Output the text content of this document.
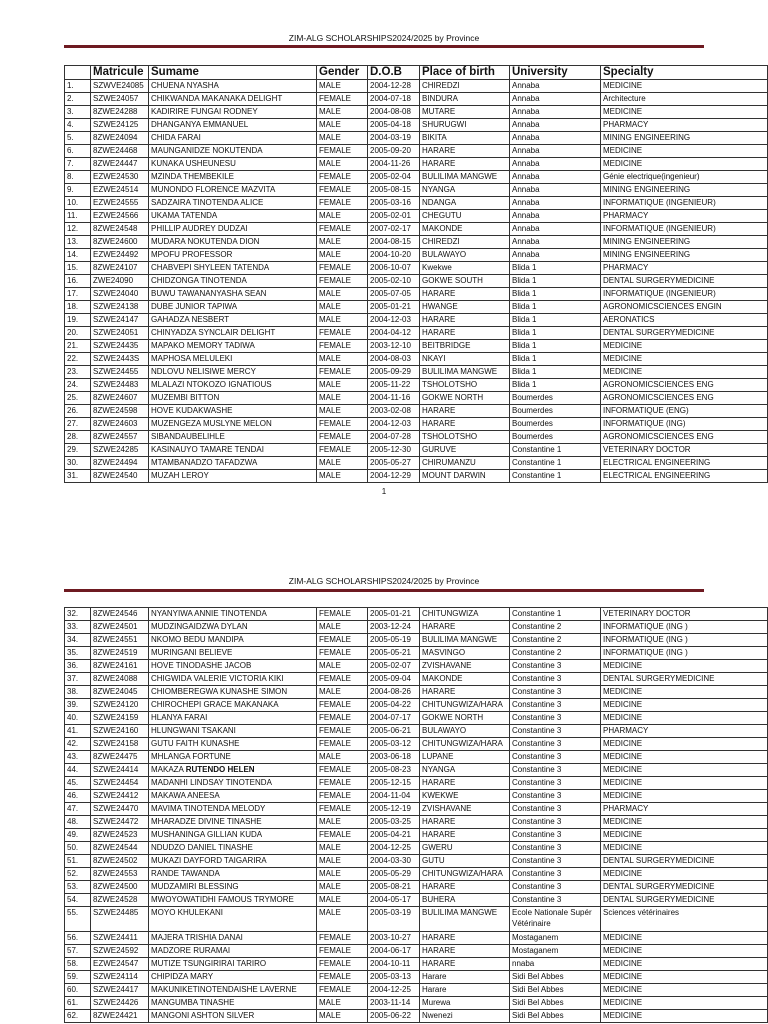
ZIM-ALG SCHOLARSHIPS2024/2025 by Province
	Matricule	Sumame	Gender	D.O.B	Place of birth	University	Specialty
1.	SZWVE24085	CHUENA NYASHA	MALE	2004-12-28	CHIREDZI	Annaba	MEDICINE
2.	SZWE24057	CHIKWANDA MAKANAKA DELIGHT	FEMALE	2004-07-18	BINDURA	Annaba	Architecture
3.	8ZWE24288	KADIRIRE FUNGAI RODNEY	MALE	2004-08-08	MUTARE	Annaba	MEDICINE
4.	SZWE24125	DHANGANYA EMMANUEL	MALE	2005-04-18	SHURUGWI	Annaba	PHARMACY
5.	8ZWE24094	CHIDA FARAI	MALE	2004-03-19	BIKITA	Annaba	MINING ENGINEERING
6.	8ZWE24468	MAUNGANIDZE NOKUTENDA	FEMALE	2005-09-20	HARARE	Annaba	MEDICINE
7.	8ZWE24447	KUNAKA USHEUNESU	MALE	2004-11-26	HARARE	Annaba	MEDICINE
8.	EZWE24530	MZINDA THEMBEKILE	FEMALE	2005-02-04	BULILIMA MANGWE	Annaba	Génie electrique(ingenieur)
9.	EZWE24514	MUNONDO FLORENCE MAZVITA	FEMALE	2005-08-15	NYANGA	Annaba	MINING ENGINEERING
10.	EZWE24555	SADZAIRA TINOTENDA ALICE	FEMALE	2005-03-16	NDANGA	Annaba	INFORMATIQUE (INGENIEUR)
11.	EZWE24566	UKAMA TATENDA	MALE	2005-02-01	CHEGUTU	Annaba	PHARMACY
12.	8ZWE24548	PHILLIP AUDREY DUDZAI	FEMALE	2007-02-17	MAKONDE	Annaba	INFORMATIQUE (INGENIEUR)
13.	8ZWE24600	MUDARA NOKUTENDA DION	MALE	2004-08-15	CHIREDZI	Annaba	MINING ENGINEERING
14.	EZWE24492	MPOFU PROFESSOR	MALE	2004-10-20	BULAWAYO	Annaba	MINING ENGINEERING
15.	8ZWE24107	CHABVEPI SHYLEEN TATENDA	FEMALE	2006-10-07	Kwekwe	Blida 1	PHARMACY
16.	ZWE24090	CHIDZONGA TINOTENDA	FEMALE	2005-02-10	GOKWE SOUTH	Blida 1	DENTAL SURGERYMEDICINE
17.	SZWE24040	BUWU TAWANANYASHA SEAN	MALE	2005-07-05	HARARE	Blida 1	INFORMATIQUE (INGENIEUR)
18.	SZWE24138	DUBE JUNIOR TAPIWA	MALE	2005-01-21	HWANGE	Blida 1	AGRONOMICSCIENCES ENGIN
19.	SZWE24147	GAHADZA NESBERT	MALE	2004-12-03	HARARE	Blida 1	AERONATICS
20.	SZWE24051	CHINYADZA SYNCLAIR DELIGHT	FEMALE	2004-04-12	HARARE	Blida 1	DENTAL SURGERYMEDICINE
21.	SZWE24435	MAPAKO MEMORY TADIWA	FEMALE	2003-12-10	BEITBRIDGE	Blida 1	MEDICINE
22.	SZWE2443S	MAPHOSA MELULEKI	MALE	2004-08-03	NKAYI	Blida 1	MEDICINE
23.	SZWE24455	NDLOVU NELISIWE MERCY	FEMALE	2005-09-29	BULILIMA MANGWE	Blida 1	MEDICINE
24.	SZWE24483	MLALAZI NTOKOZO IGNATIOUS	MALE	2005-11-22	TSHOLOTSHO	Blida 1	AGRONOMICSCIENCES ENG
25.	8ZWE24607	MUZEMBI BITTON	MALE	2004-11-16	GOKWE NORTH	Boumerdes	AGRONOMICSCIENCES ENG
26.	8ZWE24598	HOVE KUDAKWASHE	MALE	2003-02-08	HARARE	Boumerdes	INFORMATIQUE (ENG)
27.	8ZWE24603	MUZENGEZA MUSLYNE MELON	FEMALE	2004-12-03	HARARE	Boumerdes	INFORMATIQUE (ING)
28.	8ZWE24557	SIBANDAUBELIHLE	FEMALE	2004-07-28	TSHOLOTSHO	Boumerdes	AGRONOMICSCIENCES ENG
29.	SZWE24285	KASINAUYO TAMARE TENDAI	FEMALE	2005-12-30	GURUVE	Constantine 1	VETERINARY DOCTOR
30.	8ZWE24494	MTAMBANADZO TAFADZWA	MALE	2005-05-27	CHIRUMANZU	Constantine 1	ELECTRICAL ENGINEERING
31.	8ZWE24540	MUZAH LEROY	MALE	2004-12-29	MOUNT DARWIN	Constantine 1	ELECTRICAL ENGINEERING
1
ZIM-ALG SCHOLARSHIPS2024/2025 by Province
32.	8ZWE24546	NYANYIWA ANNIE TINOTENDA	FEMALE	2005-01-21	CHITUNGWIZA	Constantine 1	VETERINARY DOCTOR
33.	8ZWE24501	MUDZINGAIDZWA DYLAN	MALE	2003-12-24	HARARE	Constantine 2	INFORMATIQUE (ING )
34.	8ZWE24551	NKOMO BEDU MANDIPA	FEMALE	2005-05-19	BULILIMA MANGWE	Constantine 2	INFORMATIQUE (ING )
35.	8ZWE24519	MURINGANI BELIEVE	FEMALE	2005-05-21	MASVINGO	Constantine 2	INFORMATIQUE (ING )
36.	8ZWE24161	HOVE TINODASHE JACOB	MALE	2005-02-07	ZVISHAVANE	Constantine 3	MEDICINE
37.	8ZWE24088	CHIGWIDA VALERIE VICTORIA KIKI	FEMALE	2005-09-04	MAKONDE	Constantine 3	DENTAL SURGERYMEDICINE
38.	8ZWE24045	CHIOMBEREGWA KUNASHE SIMON	MALE	2004-08-26	HARARE	Constantine 3	MEDICINE
39.	SZWE24120	CHIROCHEPI GRACE MAKANAKA	FEMALE	2005-04-22	CHITUNGWIZA/HARA	Constantine 3	MEDICINE
40.	SZWE24159	HLANYA FARAI	FEMALE	2004-07-17	GOKWE NORTH	Constantine 3	MEDICINE
41.	SZWE24160	HLUNGWANI TSAKANI	FEMALE	2005-06-21	BULAWAYO	Constantine 3	PHARMACY
42.	SZWE24158	GUTU FAITH KUNASHE	FEMALE	2005-03-12	CHITUNGWIZA/HARA	Constantine 3	MEDICINE
43.	8ZWE24475	MHLANGA FORTUNE	MALE	2003-06-18	LUPANE	Constantine 3	MEDICINE
44.	SZWE24414	MAKAZA RUTENDO HELEN	FEMALE	2005-08-23	NYANGA	Constantine 3	MEDICINE
45.	SZWE24454	MADANHI LINDSAY TINOTENDA	FEMALE	2005-12-15	HARARE	Constantine 3	MEDICINE
46.	SZWE24412	MAKAWA ANEESA	FEMALE	2004-11-04	KWEKWE	Constantine 3	MEDICINE
47.	SZWE24470	MAVIMA TINOTENDA MELODY	FEMALE	2005-12-19	ZVISHAVANE	Constantine 3	PHARMACY
48.	SZWE24472	MHARADZE DIVINE TINASHE	MALE	2005-03-25	HARARE	Constantine 3	MEDICINE
49.	8ZWE24523	MUSHANINGA GILLIAN KUDA	FEMALE	2005-04-21	HARARE	Constantine 3	MEDICINE
50.	8ZWE24544	NDUDZO DANIEL TINASHE	MALE	2004-12-25	GWERU	Constantine 3	MEDICINE
51.	8ZWE24502	MUKAZI DAYFORD TAIGARIRA	MALE	2004-03-30	GUTU	Constantine 3	DENTAL SURGERYMEDICINE
52.	8ZWE24553	RANDE TAWANDA	MALE	2005-05-29	CHITUNGWIZA/HARA	Constantine 3	MEDICINE
53.	8ZWE24500	MUDZAMIRI BLESSING	MALE	2005-08-21	HARARE	Constantine 3	DENTAL SURGERYMEDICINE
54.	8ZWE24528	MWOYOWATIDHI FAMOUS TRYMORE	MALE	2004-05-17	BUHERA	Constantine 3	DENTAL SURGERYMEDICINE
55.	SZWE24485	MOYO KHULEKANI	MALE	2005-03-19	BULILIMA MANGWE	Ecole Nationale Supér Vétérinaire	Sciences vétérinaires
56.	SZWE24411	MAJERA TRISHIA DANAI	FEMALE	2003-10-27	HARARE	Mostaganem	MEDICINE
57.	SZWE24592	MADZORE RURAMAI	FEMALE	2004-06-17	HARARE	Mostaganem	MEDICINE
58.	EZWE24547	MUTIZE TSUNGIRIRAI TARIRO	FEMALE	2004-10-11	HARARE	nnaba	MEDICINE
59.	SZWE24114	CHIPIDZA MARY	FEMALE	2005-03-13	Harare	Sidi Bel Abbes	MEDICINE
60.	SZWE24417	MAKUNIKETINOTENDAISHE LAVERNE	FEMALE	2004-12-25	Harare	Sidi Bel Abbes	MEDICINE
61.	SZWE24426	MANGUMBA TINASHE	MALE	2003-11-14	Murewa	Sidi Bel Abbes	MEDICINE
62.	8ZWE24421	MANGONI ASHTON SILVER	MALE	2005-06-22	Nwenezi	Sidi Bel Abbes	MEDICINE
